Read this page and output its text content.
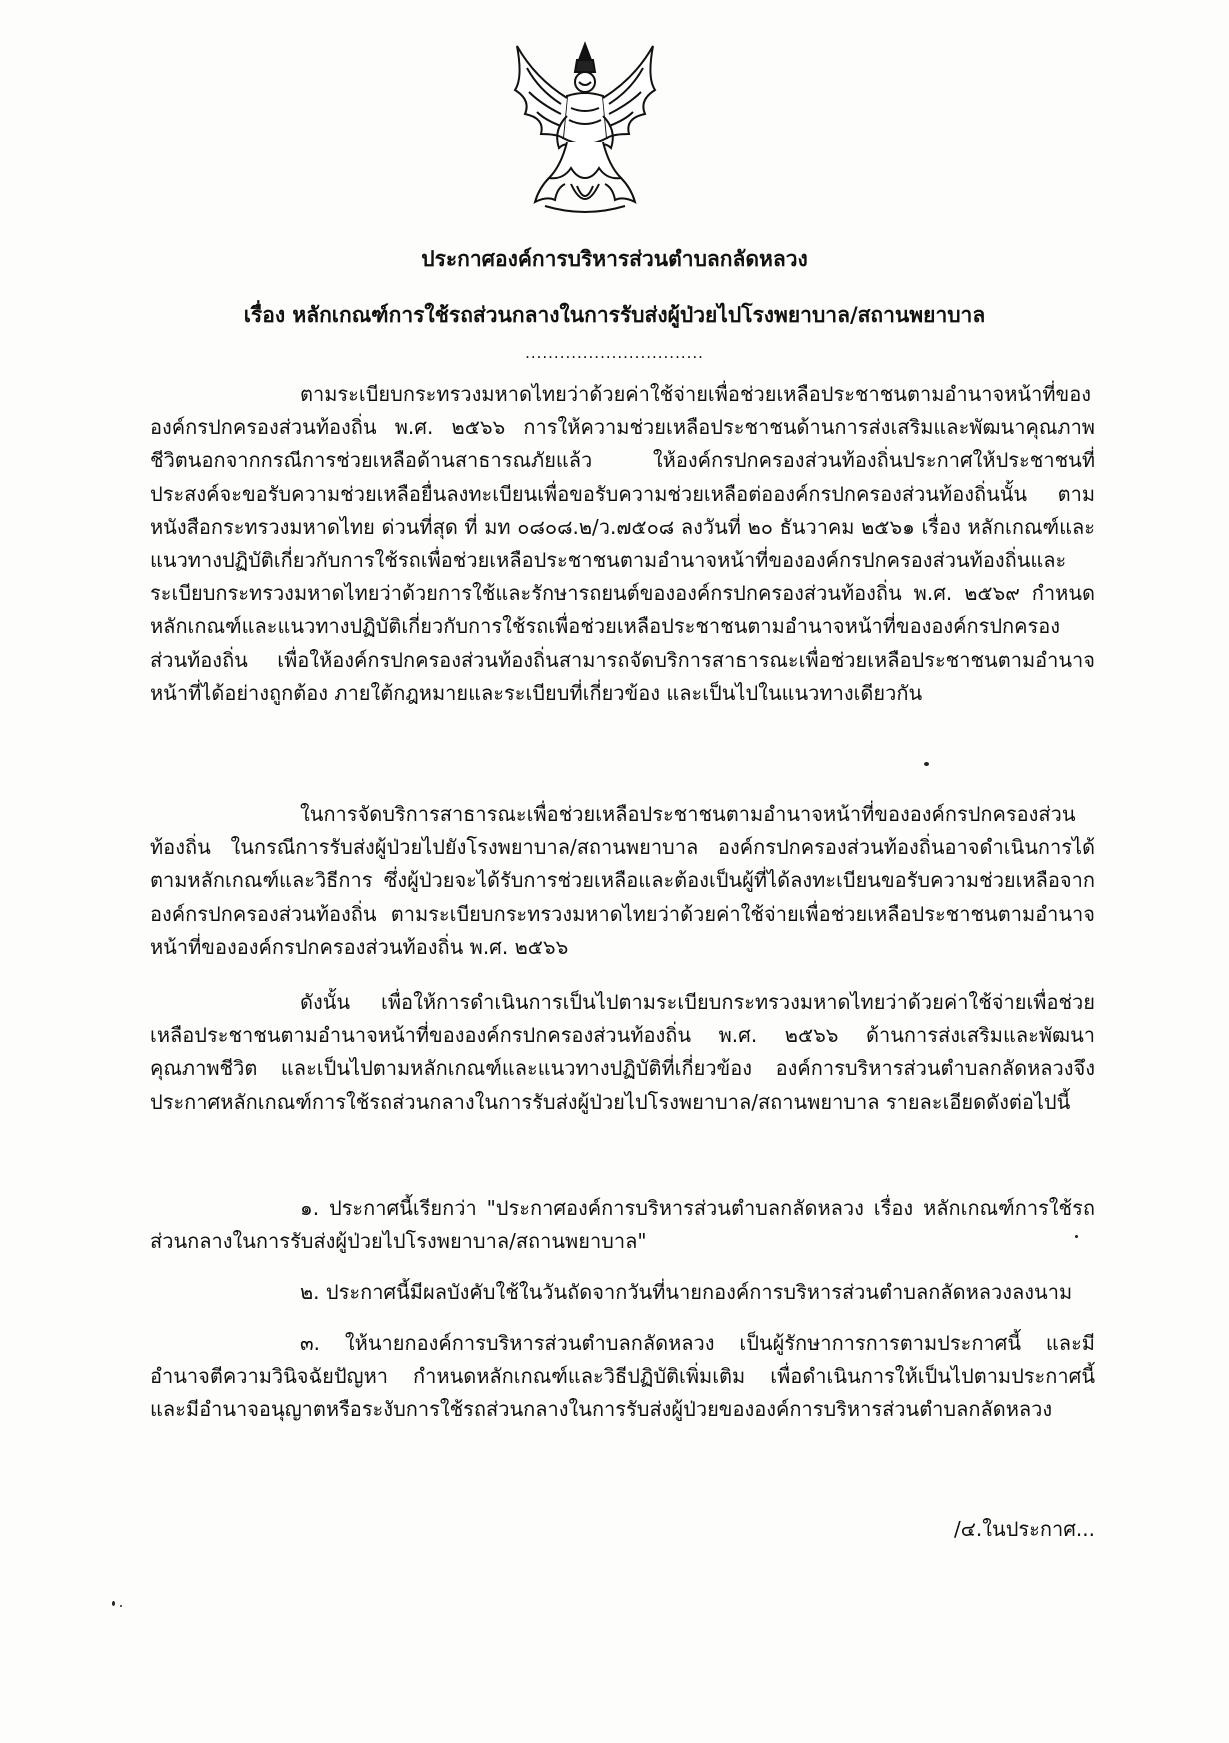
ประกาศองค์การบริหารส่วนตำบลกลัดหลวง
เรื่อง หลักเกณฑ์การใช้รถส่วนกลางในการรับส่งผู้ป่วยไปโรงพยาบาล/สถานพยาบาล
...............................

ตามระเบียบกระทรวงมหาดไทยว่าด้วยค่าใช้จ่ายเพื่อช่วยเหลือประชาชนตามอำนาจหน้าที่ขององค์กรปกครองส่วนท้องถิ่น พ.ศ. ๒๕๖๖ การให้ความช่วยเหลือประชาชนด้านการส่งเสริมและพัฒนาคุณภาพชีวิตนอกจากกรณีการช่วยเหลือด้านสาธารณภัยแล้ว ให้องค์กรปกครองส่วนท้องถิ่นประกาศให้ประชาชนที่ประสงค์จะขอรับความช่วยเหลือยื่นลงทะเบียนเพื่อขอรับความช่วยเหลือต่อองค์กรปกครองส่วนท้องถิ่นนั้น ตามหนังสือกระทรวงมหาดไทย ด่วนที่สุด ที่ มท ๐๘๐๘.๒/ว.๗๕๐๘ ลงวันที่ ๒๐ ธันวาคม ๒๕๖๑ เรื่อง หลักเกณฑ์และแนวทางปฏิบัติเกี่ยวกับการใช้รถเพื่อช่วยเหลือประชาชนตามอำนาจหน้าที่ขององค์กรปกครองส่วนท้องถิ่นและระเบียบกระทรวงมหาดไทยว่าด้วยการใช้และรักษารถยนต์ขององค์กรปกครองส่วนท้องถิ่น พ.ศ. ๒๕๖๙ กำหนดหลักเกณฑ์และแนวทางปฏิบัติเกี่ยวกับการใช้รถเพื่อช่วยเหลือประชาชนตามอำนาจหน้าที่ขององค์กรปกครองส่วนท้องถิ่น เพื่อให้องค์กรปกครองส่วนท้องถิ่นสามารถจัดบริการสาธารณะเพื่อช่วยเหลือประชาชนตามอำนาจหน้าที่ได้อย่างถูกต้อง ภายใต้กฎหมายและระเบียบที่เกี่ยวข้อง และเป็นไปในแนวทางเดียวกัน

ในการจัดบริการสาธารณะเพื่อช่วยเหลือประชาชนตามอำนาจหน้าที่ขององค์กรปกครองส่วนท้องถิ่น ในกรณีการรับส่งผู้ป่วยไปยังโรงพยาบาล/สถานพยาบาล องค์กรปกครองส่วนท้องถิ่นอาจดำเนินการได้ตามหลักเกณฑ์และวิธีการ ซึ่งผู้ป่วยจะได้รับการช่วยเหลือและต้องเป็นผู้ที่ได้ลงทะเบียนขอรับความช่วยเหลือจากองค์กรปกครองส่วนท้องถิ่น ตามระเบียบกระทรวงมหาดไทยว่าด้วยค่าใช้จ่ายเพื่อช่วยเหลือประชาชนตามอำนาจหน้าที่ขององค์กรปกครองส่วนท้องถิ่น พ.ศ. ๒๕๖๖

ดังนั้น เพื่อให้การดำเนินการเป็นไปตามระเบียบกระทรวงมหาดไทยว่าด้วยค่าใช้จ่ายเพื่อช่วยเหลือประชาชนตามอำนาจหน้าที่ขององค์กรปกครองส่วนท้องถิ่น พ.ศ. ๒๕๖๖ ด้านการส่งเสริมและพัฒนาคุณภาพชีวิต และเป็นไปตามหลักเกณฑ์และแนวทางปฏิบัติที่เกี่ยวข้อง องค์การบริหารส่วนตำบลกลัดหลวงจึงประกาศหลักเกณฑ์การใช้รถส่วนกลางในการรับส่งผู้ป่วยไปโรงพยาบาล/สถานพยาบาล รายละเอียดดังต่อไปนี้

๑. ประกาศนี้เรียกว่า "ประกาศองค์การบริหารส่วนตำบลกลัดหลวง เรื่อง หลักเกณฑ์การใช้รถส่วนกลางในการรับส่งผู้ป่วยไปโรงพยาบาล/สถานพยาบาล"

๒. ประกาศนี้มีผลบังคับใช้ในวันถัดจากวันที่นายกองค์การบริหารส่วนตำบลกลัดหลวงลงนาม

๓. ให้นายกองค์การบริหารส่วนตำบลกลัดหลวง เป็นผู้รักษาการการตามประกาศนี้ และมีอำนาจตีความวินิจฉัยปัญหา กำหนดหลักเกณฑ์และวิธีปฏิบัติเพิ่มเติม เพื่อดำเนินการให้เป็นไปตามประกาศนี้ และมีอำนาจอนุญาตหรือระงับการใช้รถส่วนกลางในการรับส่งผู้ป่วยขององค์การบริหารส่วนตำบลกลัดหลวง

/๔.ในประกาศ...
